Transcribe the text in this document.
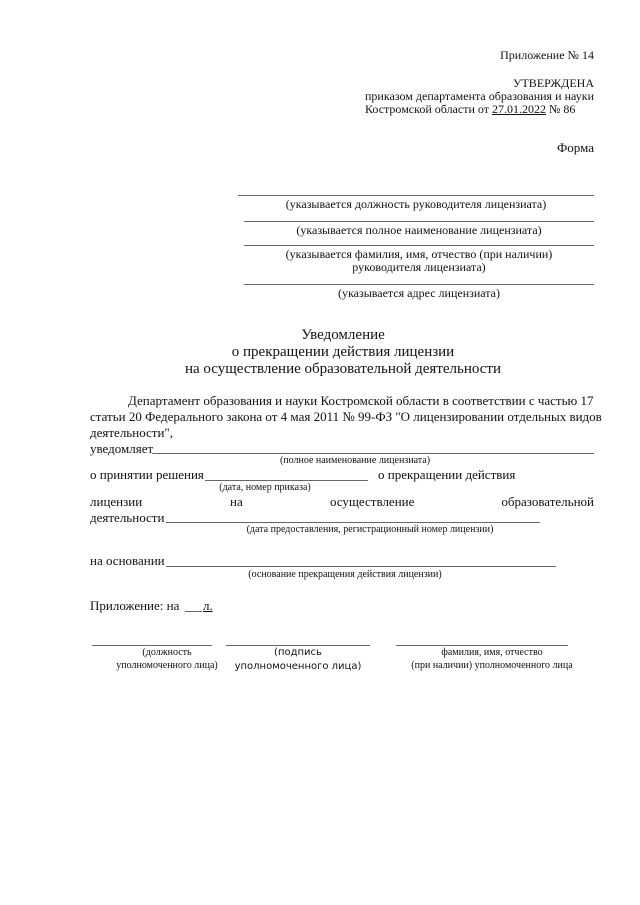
Приложение № 14
УТВЕРЖДЕНА
приказом департамента образования и науки
Костромской области от 27.01.2022 № 86
Форма
(указывается должность руководителя лицензиата)
(указывается полное наименование лицензиата)
(указывается фамилия, имя, отчество (при наличии)
руководителя лицензиата)
(указывается адрес лицензиата)
Уведомление
о прекращении действия лицензии
на осуществление образовательной деятельности
Департамент образования и науки Костромской области в соответствии с частью 17
статьи 20 Федерального закона от 4 мая 2011 № 99-ФЗ "О лицензировании отдельных видов
деятельности",
уведомляет
(полное наименование лицензиата)
о принятии решения	о прекращении действия
(дата, номер приказа)
лицензии	на	осуществление	образовательной
деятельности
(дата предоставления, регистрационный номер лицензии)
на основании
(основание прекращения действия лицензии)
Приложение: на л.
(должность
уполномоченного лица)
(подпись
уполномоченного лица)
фамилия, имя, отчество
(при наличии) уполномоченного лица
